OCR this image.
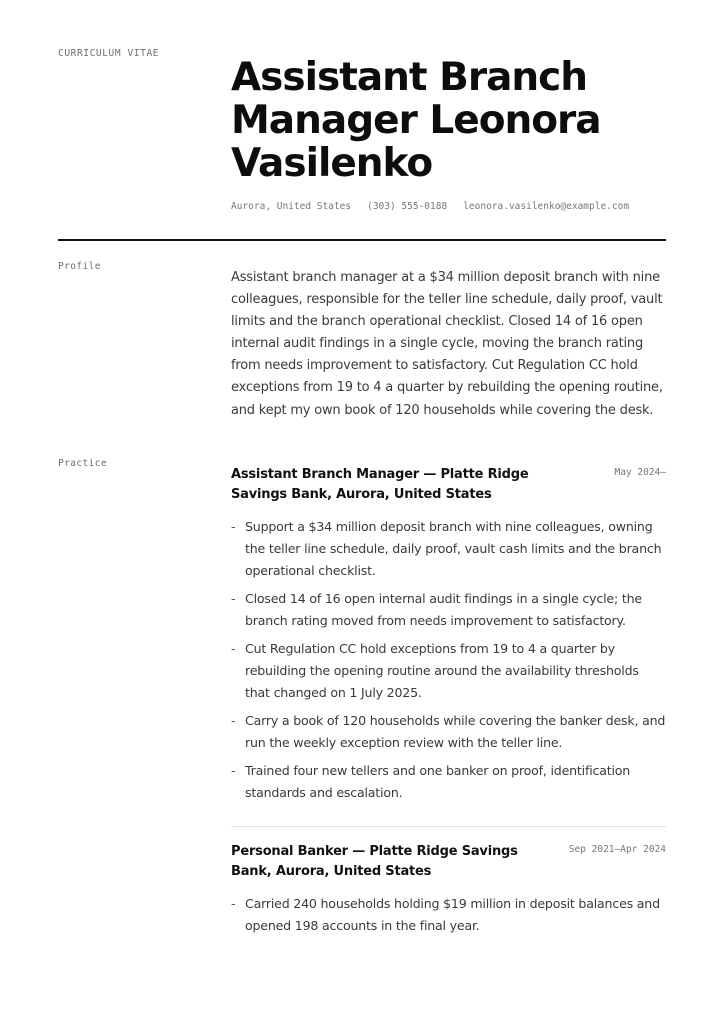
CURRICULUM VITAE
Assistant Branch Manager Leonora Vasilenko
Aurora, United States (303) 555-0188 leonora.vasilenko@example.com
Profile

Assistant branch manager at a $34 million deposit branch with nine colleagues, responsible for the teller line schedule, daily proof, vault limits and the branch operational checklist. Closed 14 of 16 open internal audit findings in a single cycle, moving the branch rating from needs improvement to satisfactory. Cut Regulation CC hold exceptions from 19 to 4 a quarter by rebuilding the opening routine, and kept my own book of 120 households while covering the desk.

Practice
Assistant Branch Manager — Platte Ridge Savings Bank, Aurora, United States
May 2024–
- Support a $34 million deposit branch with nine colleagues, owning the teller line schedule, daily proof, vault cash limits and the branch operational checklist.
- Closed 14 of 16 open internal audit findings in a single cycle; the branch rating moved from needs improvement to satisfactory.
- Cut Regulation CC hold exceptions from 19 to 4 a quarter by rebuilding the opening routine around the availability thresholds that changed on 1 July 2025.
- Carry a book of 120 households while covering the banker desk, and run the weekly exception review with the teller line.
- Trained four new tellers and one banker on proof, identification standards and escalation.
Personal Banker — Platte Ridge Savings Bank, Aurora, United States
Sep 2021–Apr 2024
- Carried 240 households holding $19 million in deposit balances and opened 198 accounts in the final year.
